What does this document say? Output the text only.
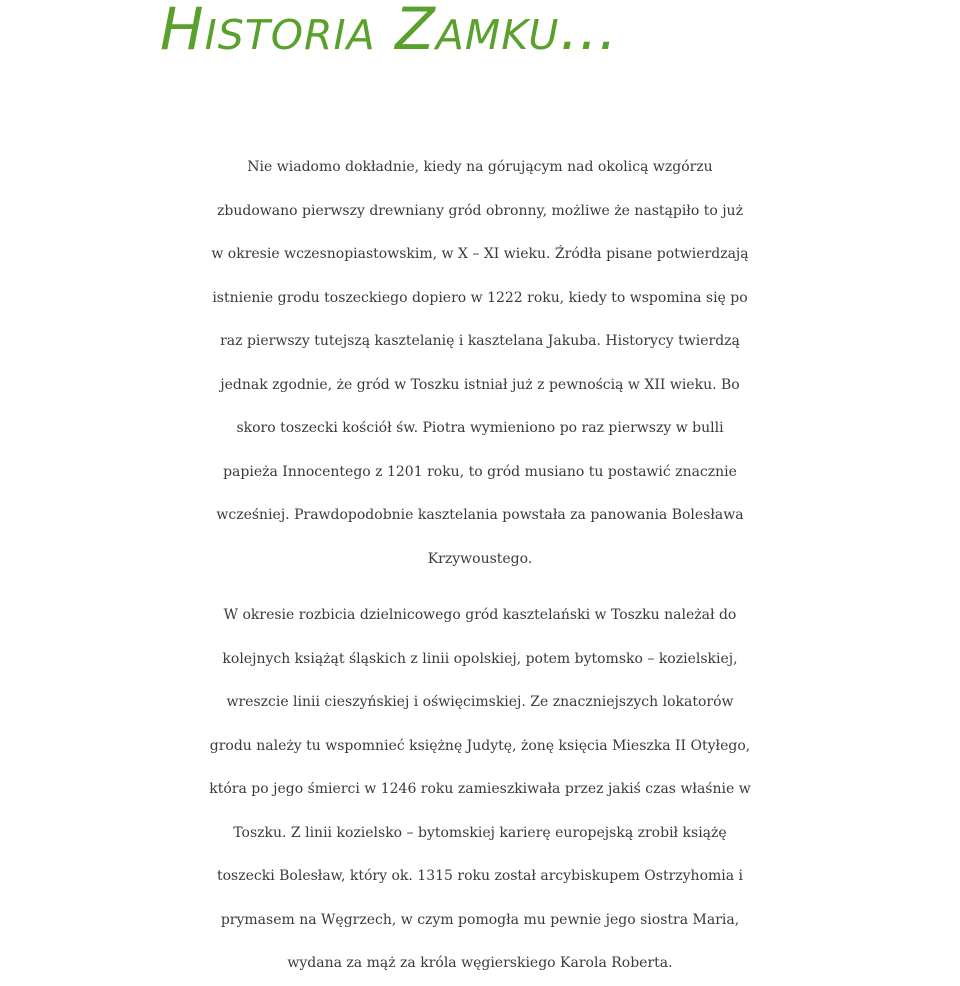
Historia Zamku…
Nie wiadomo dokładnie, kiedy na górującym nad okolicą wzgórzu
zbudowano pierwszy drewniany gród obronny, możliwe że nastąpiło to już
w okresie wczesnopiastowskim, w X – XI wieku. Źródła pisane potwierdzają
istnienie grodu toszeckiego dopiero w 1222 roku, kiedy to wspomina się po
raz pierwszy tutejszą kasztelanię i kasztelana Jakuba. Historycy twierdzą
jednak zgodnie, że gród w Toszku istniał już z pewnością w XII wieku. Bo
skoro toszecki kościół św. Piotra wymieniono po raz pierwszy w bulli
papieża Innocentego z 1201 roku, to gród musiano tu postawić znacznie
wcześniej. Prawdopodobnie kasztelania powstała za panowania Bolesława
Krzywoustego.
W okresie rozbicia dzielnicowego gród kasztelański w Toszku należał do
kolejnych książąt śląskich z linii opolskiej, potem bytomsko – kozielskiej,
wreszcie linii cieszyńskiej i oświęcimskiej. Ze znaczniejszych lokatorów
grodu należy tu wspomnieć księżnę Judytę, żonę księcia Mieszka II Otyłego,
która po jego śmierci w 1246 roku zamieszkiwała przez jakiś czas właśnie w
Toszku. Z linii kozielsko – bytomskiej karierę europejską zrobił książę
toszecki Bolesław, który ok. 1315 roku został arcybiskupem Ostrzyhomia i
prymasem na Węgrzech, w czym pomogła mu pewnie jego siostra Maria,
wydana za mąż za króla węgierskiego Karola Roberta.
